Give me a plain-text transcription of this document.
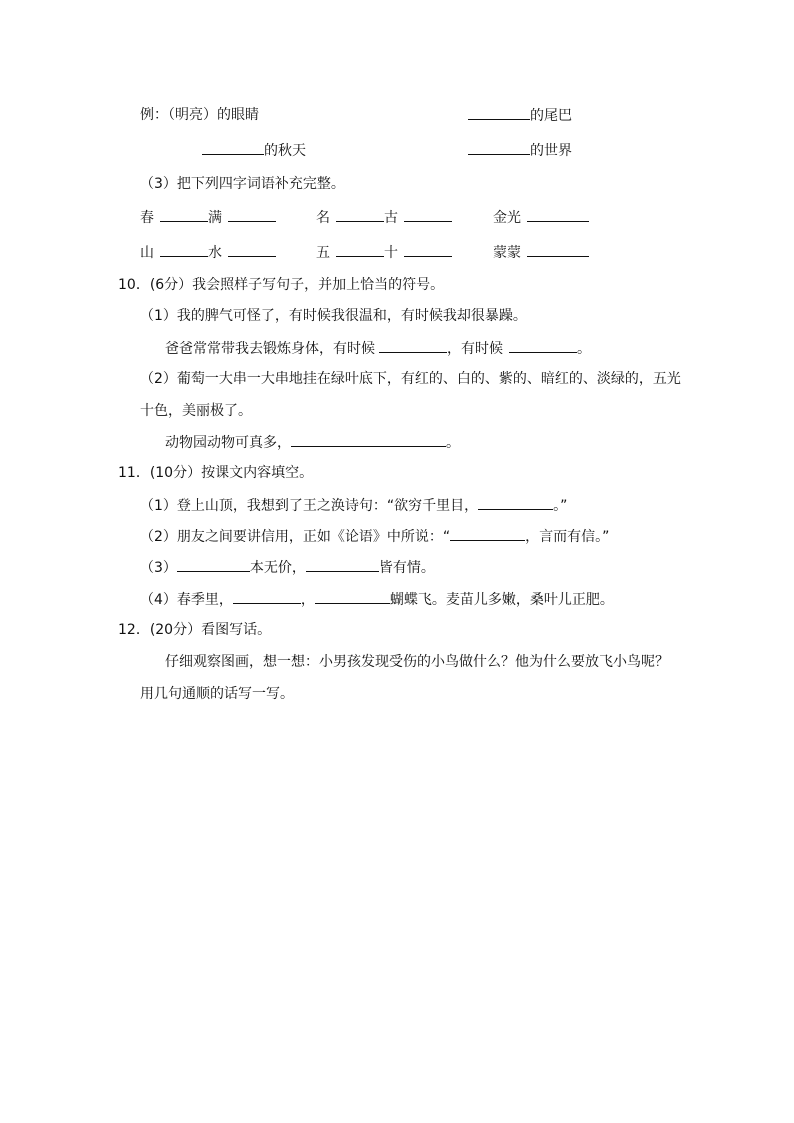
例：（明亮）的眼睛	的尾巴
的秋天	的世界
（3）把下列四字词语补充完整。
春	满	名	古	金光
山	水	五	十	蒙蒙
10．(6分）我会照样子写句子，并加上恰当的符号。
（1）我的脾气可怪了，有时候我很温和，有时候我却很暴躁。
爸爸常常带我去锻炼身体，有时候	，有时候	。
（2）葡萄一大串一大串地挂在绿叶底下，有红的、白的、紫的、暗红的、淡绿的，五光
十色，美丽极了。
动物园动物可真多，	。
11．(10分）按课文内容填空。
（1）登上山顶，我想到了王之涣诗句：“欲穷千里目，	。”
（2）朋友之间要讲信用，正如《论语》中所说：“	，言而有信。”
（3）	本无价，	皆有情。
（4）春季里，	，	蝴蝶飞。麦苗儿多嫩，桑叶儿正肥。
12．(20分）看图写话。
仔细观察图画，想一想：小男孩发现受伤的小鸟做什么？他为什么要放飞小鸟呢？
用几句通顺的话写一写。
